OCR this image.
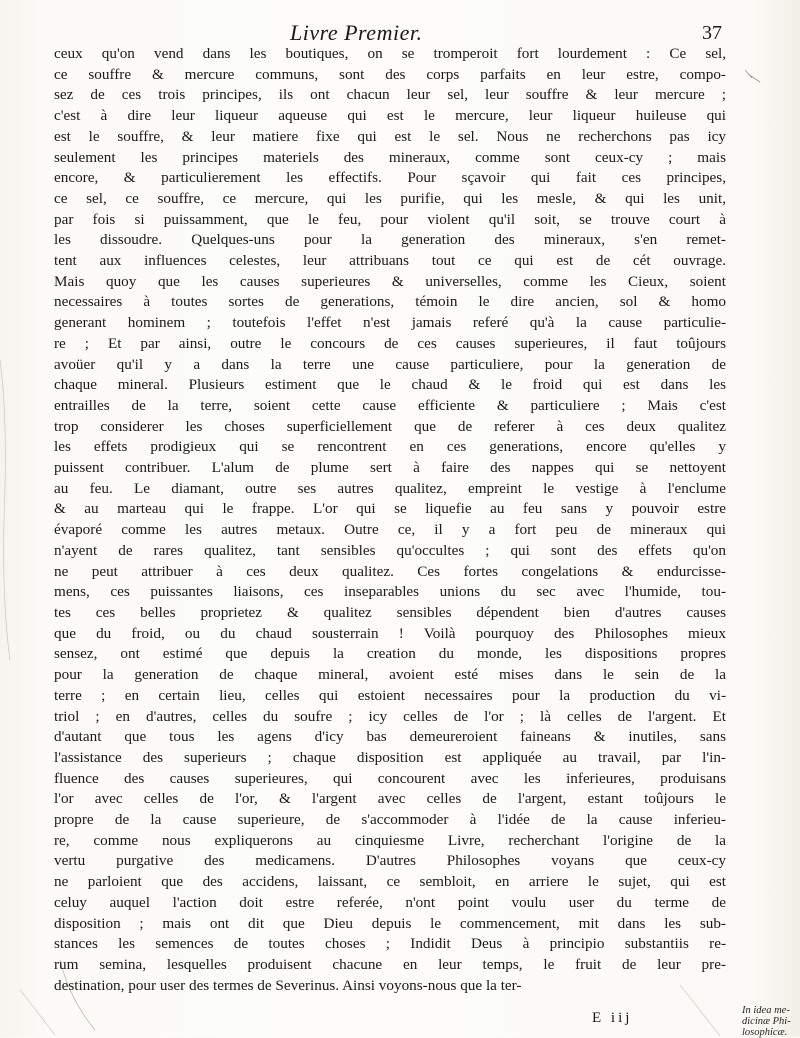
Livre Premier.	37
ceux qu'on vend dans les boutiques, on se tromperoit fort lourdement : Ce sel,
ce souffre & mercure communs, sont des corps parfaits en leur estre, compo-
sez de ces trois principes, ils ont chacun leur sel, leur souffre & leur mercure ;
c'est à dire leur liqueur aqueuse qui est le mercure, leur liqueur huileuse qui
est le souffre, & leur matiere fixe qui est le sel. Nous ne recherchons pas icy
seulement les principes materiels des mineraux, comme sont ceux-cy ; mais
encore, & particulierement les effectifs. Pour sçavoir qui fait ces principes,
ce sel, ce souffre, ce mercure, qui les purifie, qui les mesle, & qui les unit,
par fois si puissamment, que le feu, pour violent qu'il soit, se trouve court à
les dissoudre. Quelques-uns pour la generation des mineraux, s'en remet-
tent aux influences celestes, leur attribuans tout ce qui est de cét ouvrage.
Mais quoy que les causes superieures & universelles, comme les Cieux, soient
necessaires à toutes sortes de generations, témoin le dire ancien, sol & homo
generant hominem ; toutefois l'effet n'est jamais referé qu'à la cause particulie-
re ; Et par ainsi, outre le concours de ces causes superieures, il faut toûjours
avoüer qu'il y a dans la terre une cause particuliere, pour la generation de
chaque mineral. Plusieurs estiment que le chaud & le froid qui est dans les
entrailles de la terre, soient cette cause efficiente & particuliere ; Mais c'est
trop considerer les choses superficiellement que de referer à ces deux qualitez
les effets prodigieux qui se rencontrent en ces generations, encore qu'elles y
puissent contribuer. L'alum de plume sert à faire des nappes qui se nettoyent
au feu. Le diamant, outre ses autres qualitez, empreint le vestige à l'enclume
& au marteau qui le frappe. L'or qui se liquefie au feu sans y pouvoir estre
évaporé comme les autres metaux. Outre ce, il y a fort peu de mineraux qui
n'ayent de rares qualitez, tant sensibles qu'occultes ; qui sont des effets qu'on
ne peut attribuer à ces deux qualitez. Ces fortes congelations & endurcisse-
mens, ces puissantes liaisons, ces inseparables unions du sec avec l'humide, tou-
tes ces belles proprietez & qualitez sensibles dépendent bien d'autres causes
que du froid, ou du chaud sousterrain ! Voilà pourquoy des Philosophes mieux
sensez, ont estimé que depuis la creation du monde, les dispositions propres
pour la generation de chaque mineral, avoient esté mises dans le sein de la
terre ; en certain lieu, celles qui estoient necessaires pour la production du vi-
triol ; en d'autres, celles du soufre ; icy celles de l'or ; là celles de l'argent. Et
d'autant que tous les agens d'icy bas demeureroient faineans & inutiles, sans
l'assistance des superieurs ; chaque disposition est appliquée au travail, par l'in-
fluence des causes superieures, qui concourent avec les inferieures, produisans
l'or avec celles de l'or, & l'argent avec celles de l'argent, estant toûjours le
propre de la cause superieure, de s'accommoder à l'idée de la cause inferieu-
re, comme nous expliquerons au cinquiesme Livre, recherchant l'origine de la
vertu purgative des medicamens. D'autres Philosophes voyans que ceux-cy
ne parloient que des accidens, laissant, ce sembloit, en arriere le sujet, qui est
celuy auquel l'action doit estre referée, n'ont point voulu user du terme de
disposition ; mais ont dit que Dieu depuis le commencement, mit dans les sub-
stances les semences de toutes choses ; Indidit Deus à principio substantiis re-
rum semina, lesquelles produisent chacune en leur temps, le fruit de leur pre-
destination, pour user des termes de Severinus. Ainsi voyons-nous que la ter-
E iij	In idea me-dicinæ Phi-losophicæ.
